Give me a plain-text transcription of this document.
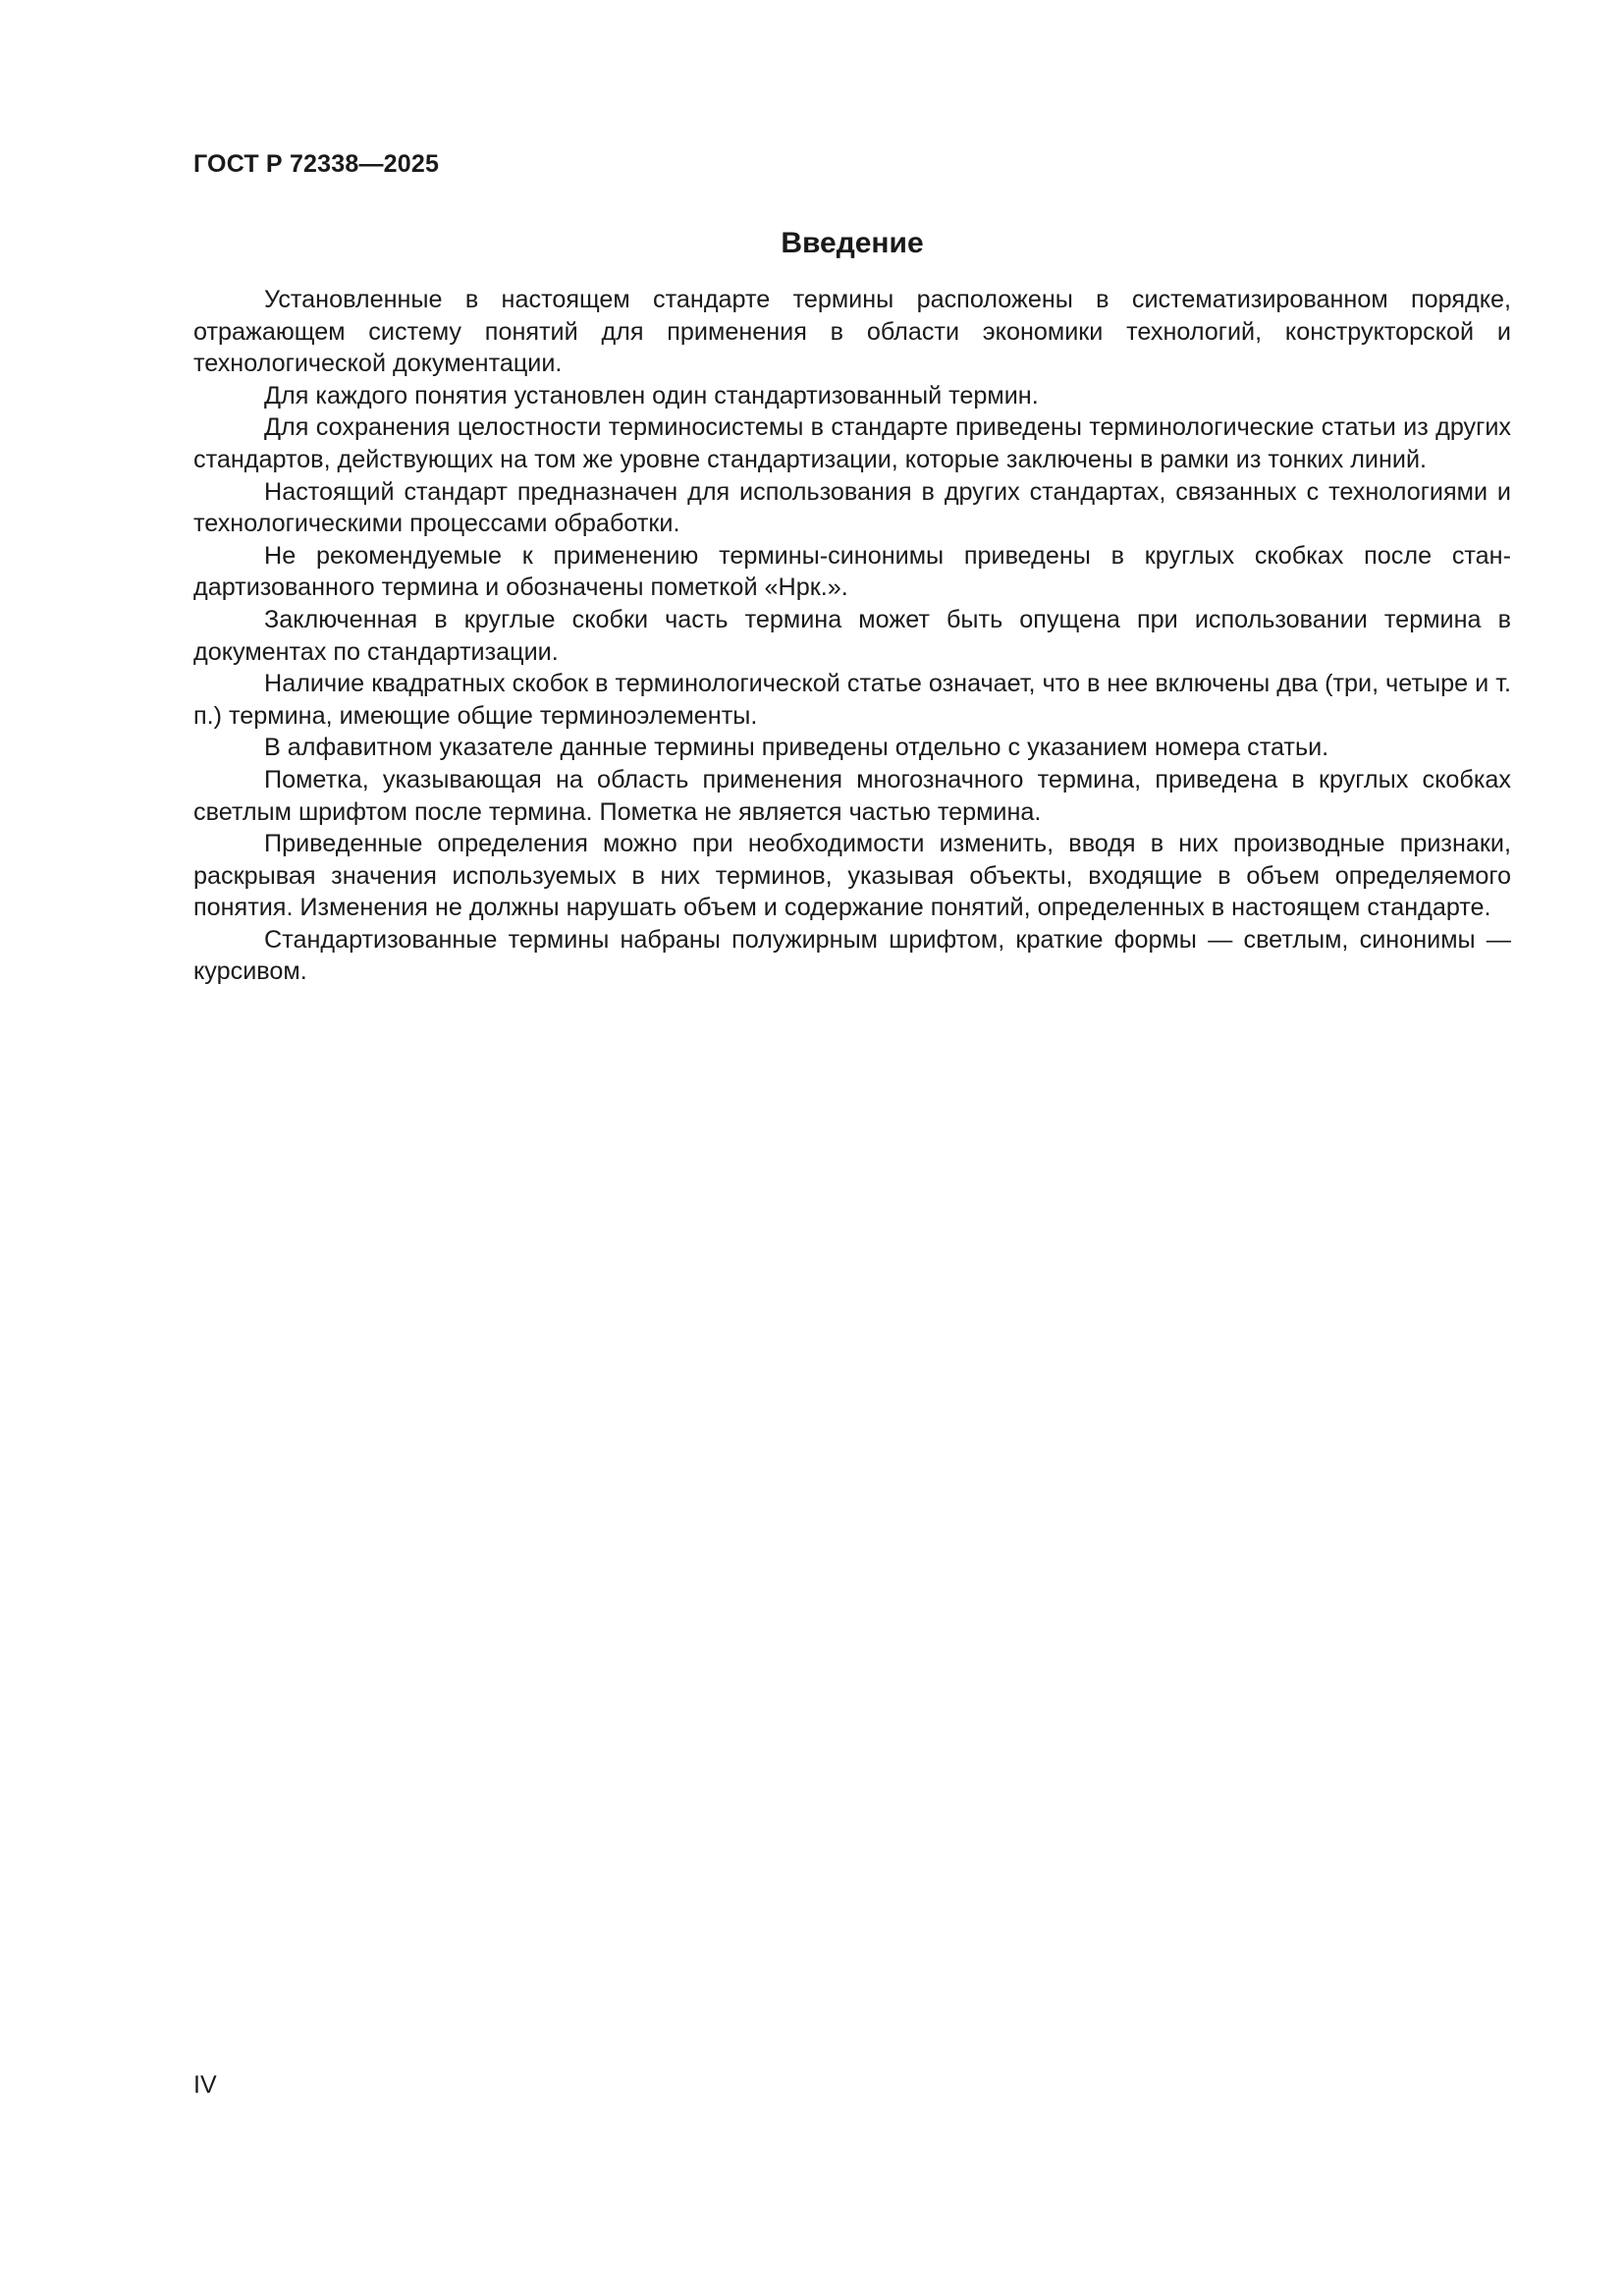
ГОСТ Р 72338—2025
Введение

Установленные в настоящем стандарте термины расположены в систематизированном порядке, отражающем систему понятий для применения в области экономики технологий, конструкторской и технологической документации.

Для каждого понятия установлен один стандартизованный термин.

Для сохранения целостности терминосистемы в стандарте приведены терминологические статьи из других стандартов, действующих на том же уровне стандартизации, которые заключены в рамки из тонких линий.

Настоящий стандарт предназначен для использования в других стандартах, связанных с технологиями и технологическими процессами обработки.

Не рекомендуемые к применению термины-синонимы приведены в круглых скобках после стандартизованного термина и обозначены пометкой «Нрк.».

Заключенная в круглые скобки часть термина может быть опущена при использовании термина в документах по стандартизации.

Наличие квадратных скобок в терминологической статье означает, что в нее включены два (три, четыре и т. п.) термина, имеющие общие терминоэлементы.

В алфавитном указателе данные термины приведены отдельно с указанием номера статьи.

Пометка, указывающая на область применения многозначного термина, приведена в круглых скобках светлым шрифтом после термина. Пометка не является частью термина.

Приведенные определения можно при необходимости изменить, вводя в них производные признаки, раскрывая значения используемых в них терминов, указывая объекты, входящие в объем определяемого понятия. Изменения не должны нарушать объем и содержание понятий, определенных в настоящем стандарте.

Стандартизованные термины набраны полужирным шрифтом, краткие формы — светлым, синонимы — курсивом.

IV
